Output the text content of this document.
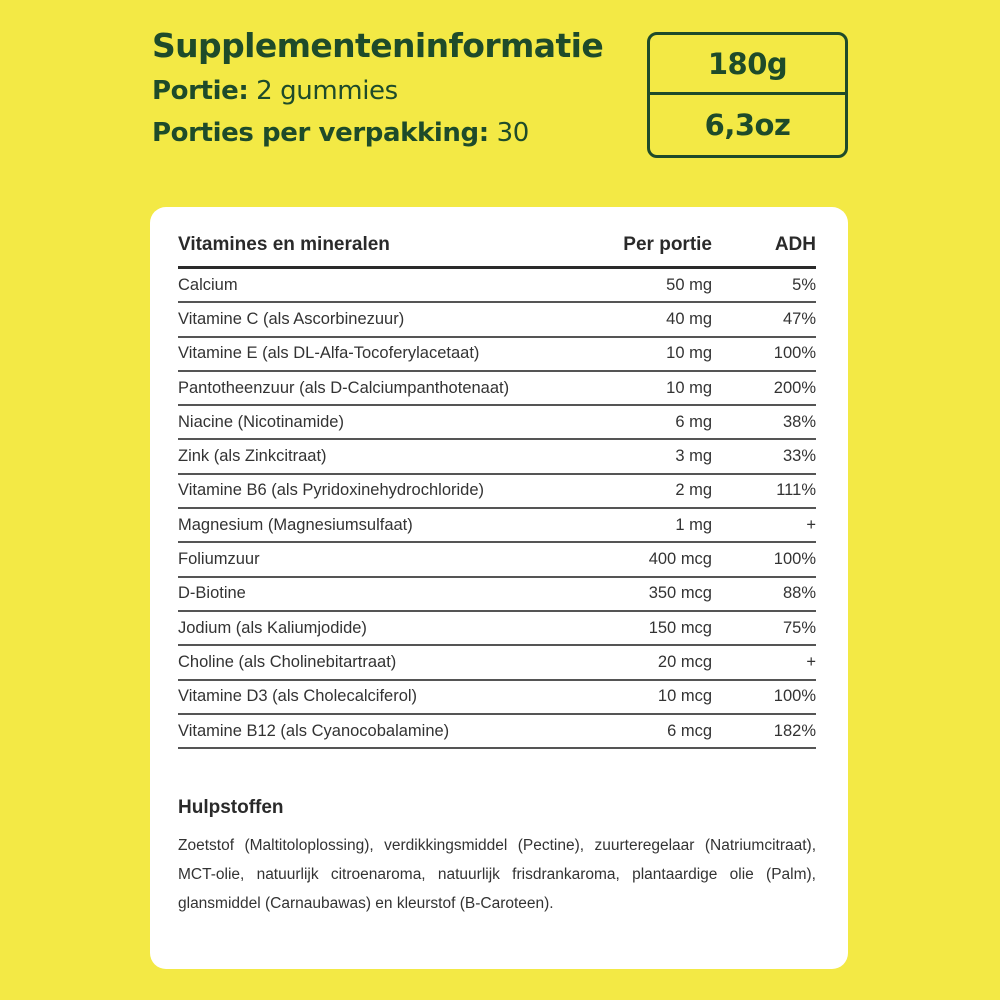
Supplementeninformatie
Portie: 2 gummies
Porties per verpakking: 30
180g
6,3oz
Vitamines en mineralen	Per portie	ADH
Calcium	50 mg	5%
Vitamine C (als Ascorbinezuur)	40 mg	47%
Vitamine E (als DL-Alfa-Tocoferylacetaat)	10 mg	100%
Pantotheenzuur (als D-Calciumpanthotenaat)	10 mg	200%
Niacine (Nicotinamide)	6 mg	38%
Zink (als Zinkcitraat)	3 mg	33%
Vitamine B6 (als Pyridoxinehydrochloride)	2 mg	111%
Magnesium (Magnesiumsulfaat)	1 mg	+
Foliumzuur	400 mcg	100%
D-Biotine	350 mcg	88%
Jodium (als Kaliumjodide)	150 mcg	75%
Choline (als Cholinebitartraat)	20 mcg	+
Vitamine D3 (als Cholecalciferol)	10 mcg	100%
Vitamine B12 (als Cyanocobalamine)	6 mcg	182%
Hulpstoffen
Zoetstof (Maltitoloplossing), verdikkingsmiddel (Pectine), zuurteregelaar (Natriumcitraat), MCT-olie, natuurlijk citroenaroma, natuurlijk frisdrankaroma, plantaardige olie (Palm), glansmiddel (Carnaubawas) en kleurstof (B-Caroteen).
